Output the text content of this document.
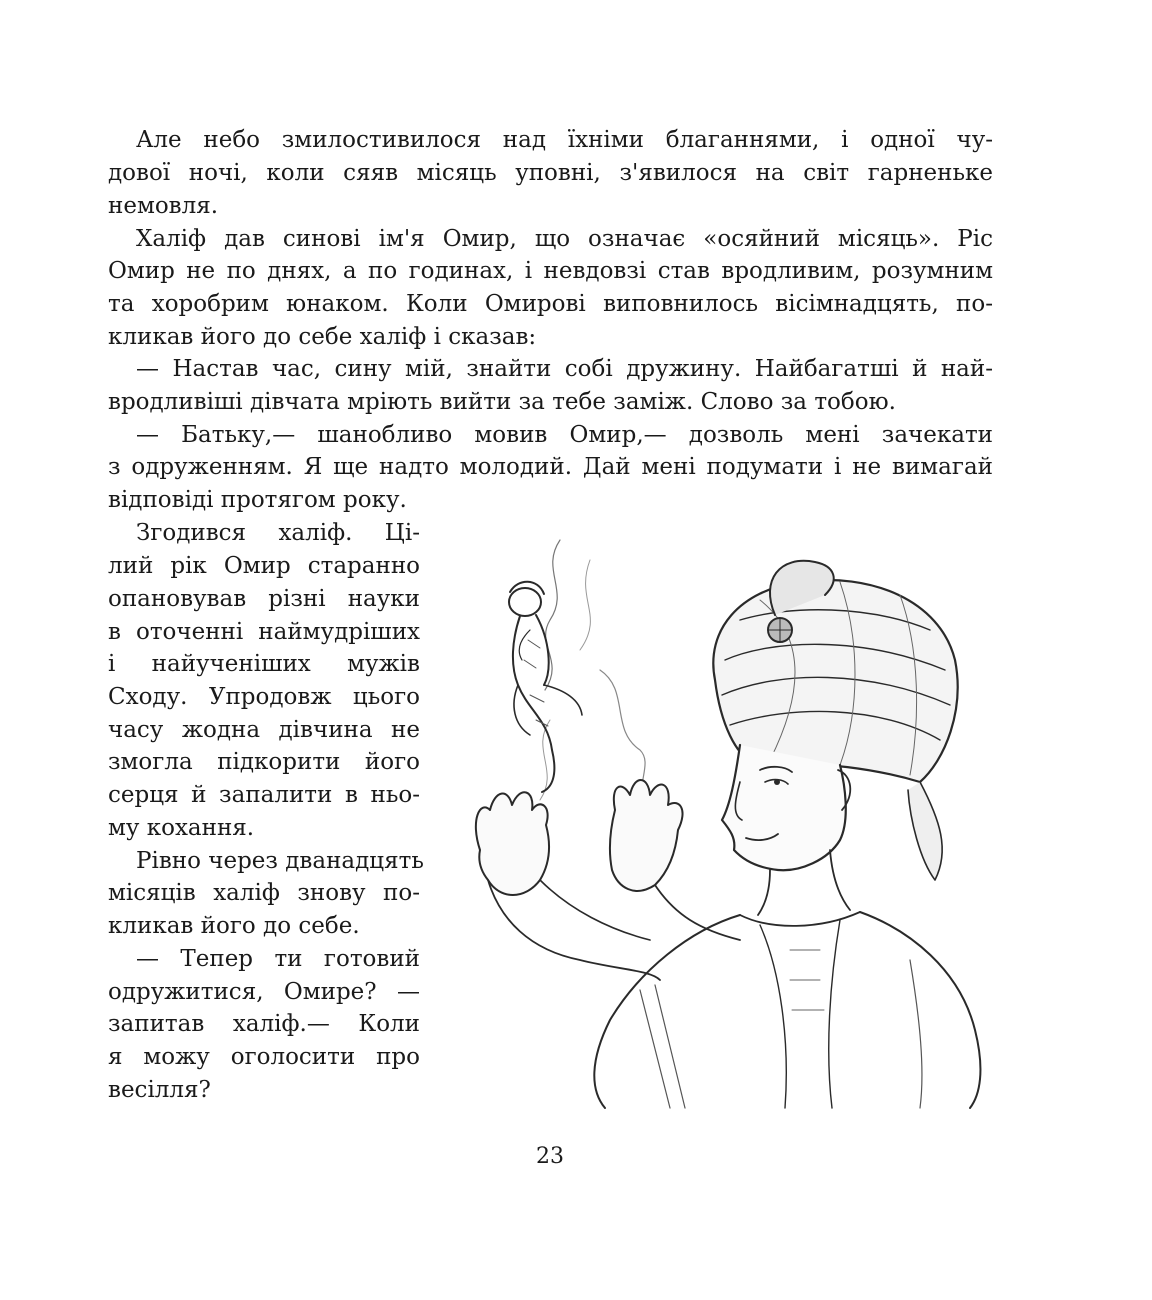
Але небо змилостивилося над їхніми благаннями, і одної чу-
дової ночі, коли сяяв місяць уповні, з'явилося на світ гарненьке
немовля.
Халіф дав синові ім'я Омир, що означає «осяйний місяць». Ріс
Омир не по днях, а по годинах, і невдовзі став вродливим, розумним
та хоробрим юнаком. Коли Омирові виповнилось вісімнадцять, по-
кликав його до себе халіф і сказав:
— Настав час, сину мій, знайти собі дружину. Найбагатші й най-
вродливіші дівчата мріють вийти за тебе заміж. Слово за тобою.
— Батьку,— шанобливо мовив Омир,— дозволь мені зачекати
з одруженням. Я ще надто молодий. Дай мені подумати і не вимагай
відповіді протягом року.
Згодився халіф. Ці-
лий рік Омир старанно
опановував різні науки
в оточенні наймудріших
і найученіших мужів
Сходу. Упродовж цього
часу жодна дівчина не
змогла підкорити його
серця й запалити в ньо-
му кохання.
Рівно через дванадцять
місяців халіф знову по-
кликав його до себе.
— Тепер ти готовий
одружитися, Омире? —
запитав халіф.— Коли
я можу оголосити про
весілля?
23
